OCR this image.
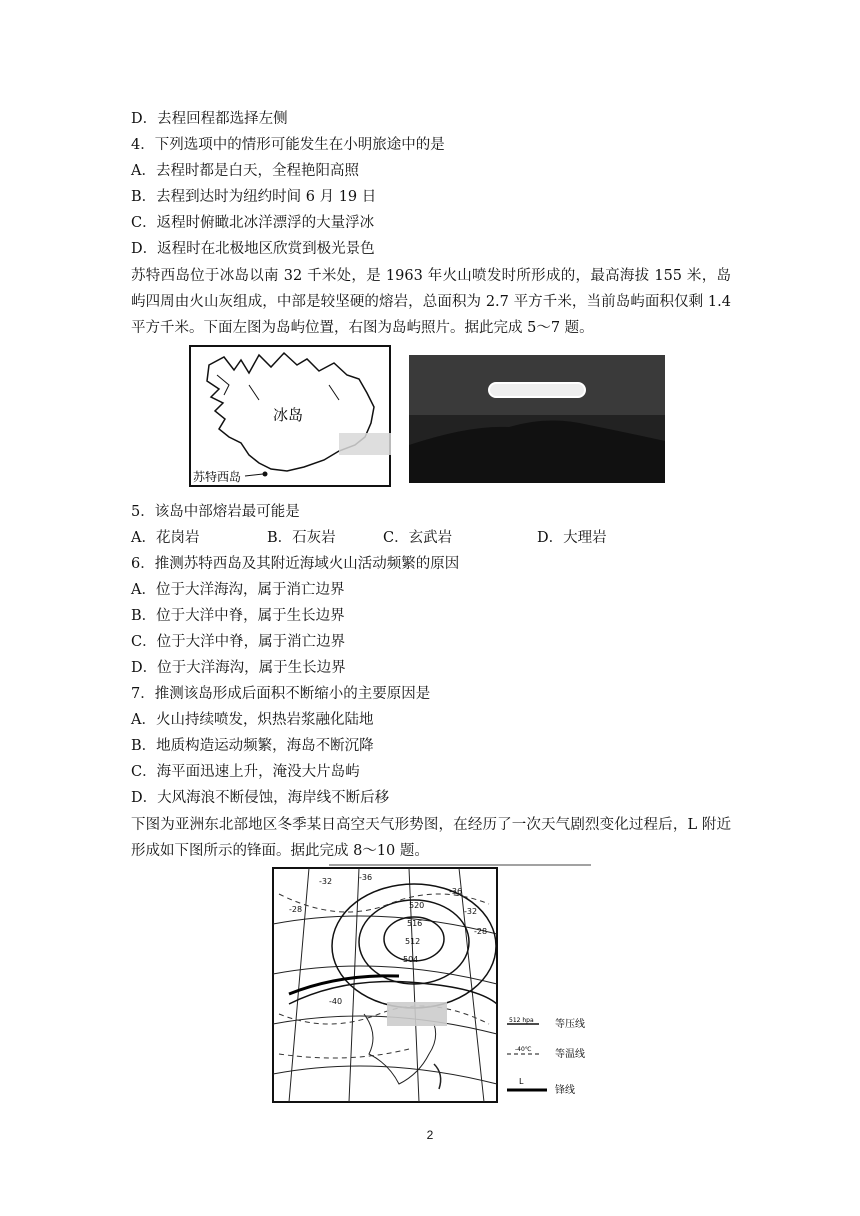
D．去程回程都选择左侧
4．下列选项中的情形可能发生在小明旅途中的是
A．去程时都是白天，全程艳阳高照
B．去程到达时为纽约时间 6 月 19 日
C．返程时俯瞰北冰洋漂浮的大量浮冰
D．返程时在北极地区欣赏到极光景色
苏特西岛位于冰岛以南 32 千米处，是 1963 年火山喷发时所形成的，最高海拔 155 米，岛屿四周由火山灰组成，中部是较坚硬的熔岩，总面积为 2.7 平方千米，当前岛屿面积仅剩 1.4 平方千米。下面左图为岛屿位置，右图为岛屿照片。据此完成 5～7 题。
冰岛
苏特西岛
5．该岛中部熔岩最可能是
A．花岗岩	B．石灰岩	C．玄武岩	D．大理岩
6．推测苏特西岛及其附近海域火山活动频繁的原因
A．位于大洋海沟，属于消亡边界
B．位于大洋中脊，属于生长边界
C．位于大洋中脊，属于消亡边界
D．位于大洋海沟，属于生长边界
7．推测该岛形成后面积不断缩小的主要原因是
A．火山持续喷发，炽热岩浆融化陆地
B．地质构造运动频繁，海岛不断沉降
C．海平面迅速上升，淹没大片岛屿
D．大风海浪不断侵蚀，海岸线不断后移
下图为亚洲东北部地区冬季某日高空天气形势图，在经历了一次天气剧烈变化过程后，L 附近形成如下图所示的锋面。据此完成 8～10 题。
-28
-32	-36
-40
520
516
512
504
-36
-32
-28
512 hpa 等压线
-40℃ 等温线
L
锋线
2
